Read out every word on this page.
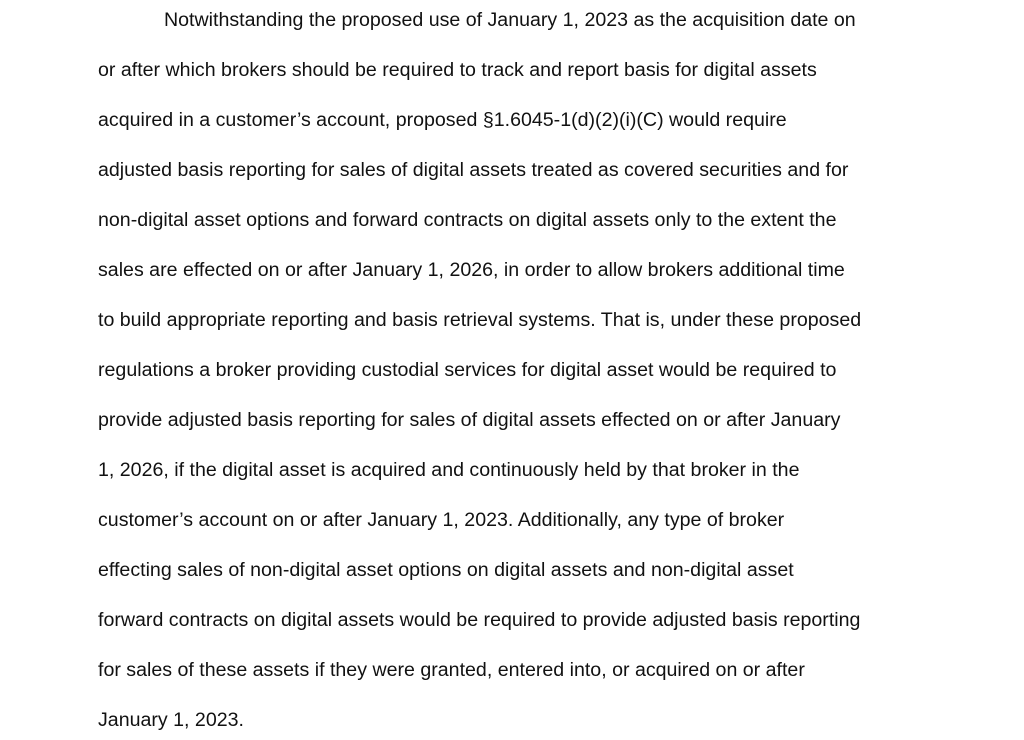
Notwithstanding the proposed use of January 1, 2023 as the acquisition date on
or after which brokers should be required to track and report basis for digital assets
acquired in a customer’s account, proposed §1.6045-1(d)(2)(i)(C) would require
adjusted basis reporting for sales of digital assets treated as covered securities and for
non-digital asset options and forward contracts on digital assets only to the extent the
sales are effected on or after January 1, 2026, in order to allow brokers additional time
to build appropriate reporting and basis retrieval systems. That is, under these proposed
regulations a broker providing custodial services for digital asset would be required to
provide adjusted basis reporting for sales of digital assets effected on or after January
1, 2026, if the digital asset is acquired and continuously held by that broker in the
customer’s account on or after January 1, 2023. Additionally, any type of broker
effecting sales of non-digital asset options on digital assets and non-digital asset
forward contracts on digital assets would be required to provide adjusted basis reporting
for sales of these assets if they were granted, entered into, or acquired on or after
January 1, 2023.
